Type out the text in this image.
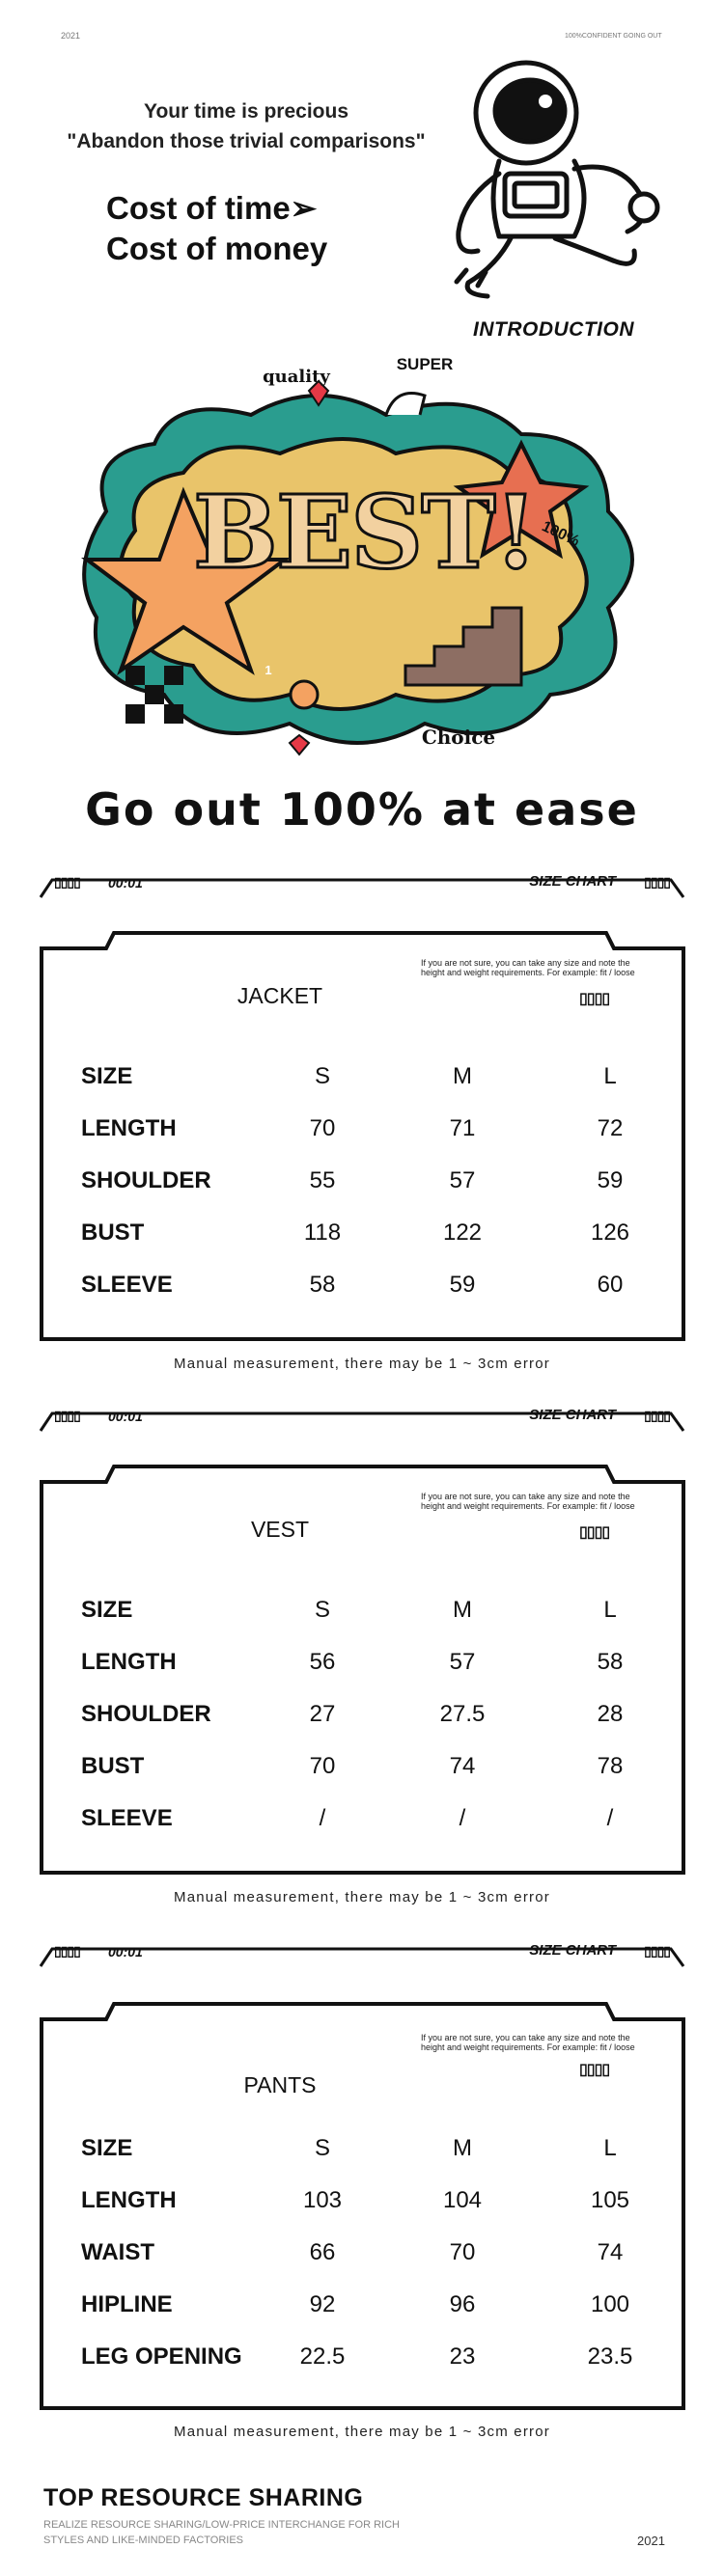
2021	100%CONFIDENT GOING OUT
Your time is precious
"Abandon those trivial comparisons"
Cost of time➢
Cost of money
INTRODUCTION
quality
SUPER
BEST! 100%
1
Choice
Go out 100% at ease
▯▯▯▯ 00:01	SIZE CHART ▯▯▯▯
If you are not sure, you can take any size and note the height and weight requirements. For example: fit / loose
JACKET	▯▯▯▯
SIZE	S	M	L
LENGTH	70	71	72
SHOULDER	55	57	59
BUST	118	122	126
SLEEVE	58	59	60
Manual measurement, there may be 1 ~ 3cm error
▯▯▯▯ 00:01	SIZE CHART ▯▯▯▯
If you are not sure, you can take any size and note the height and weight requirements. For example: fit / loose
VEST	▯▯▯▯
SIZE	S	M	L
LENGTH	56	57	58
SHOULDER	27	27.5	28
BUST	70	74	78
SLEEVE	/	/	/
Manual measurement, there may be 1 ~ 3cm error
▯▯▯▯ 00:01	SIZE CHART ▯▯▯▯
If you are not sure, you can take any size and note the height and weight requirements. For example: fit / loose
PANTS
▯▯▯▯
SIZE	S	M	L
LENGTH	103	104	105
WAIST	66	70	74
HIPLINE	92	96	100
LEG OPENING	22.5	23	23.5
Manual measurement, there may be 1 ~ 3cm error
TOP RESOURCE SHARING
REALIZE RESOURCE SHARING/LOW-PRICE INTERCHANGE FOR RICH STYLES AND LIKE-MINDED FACTORIES	2021
